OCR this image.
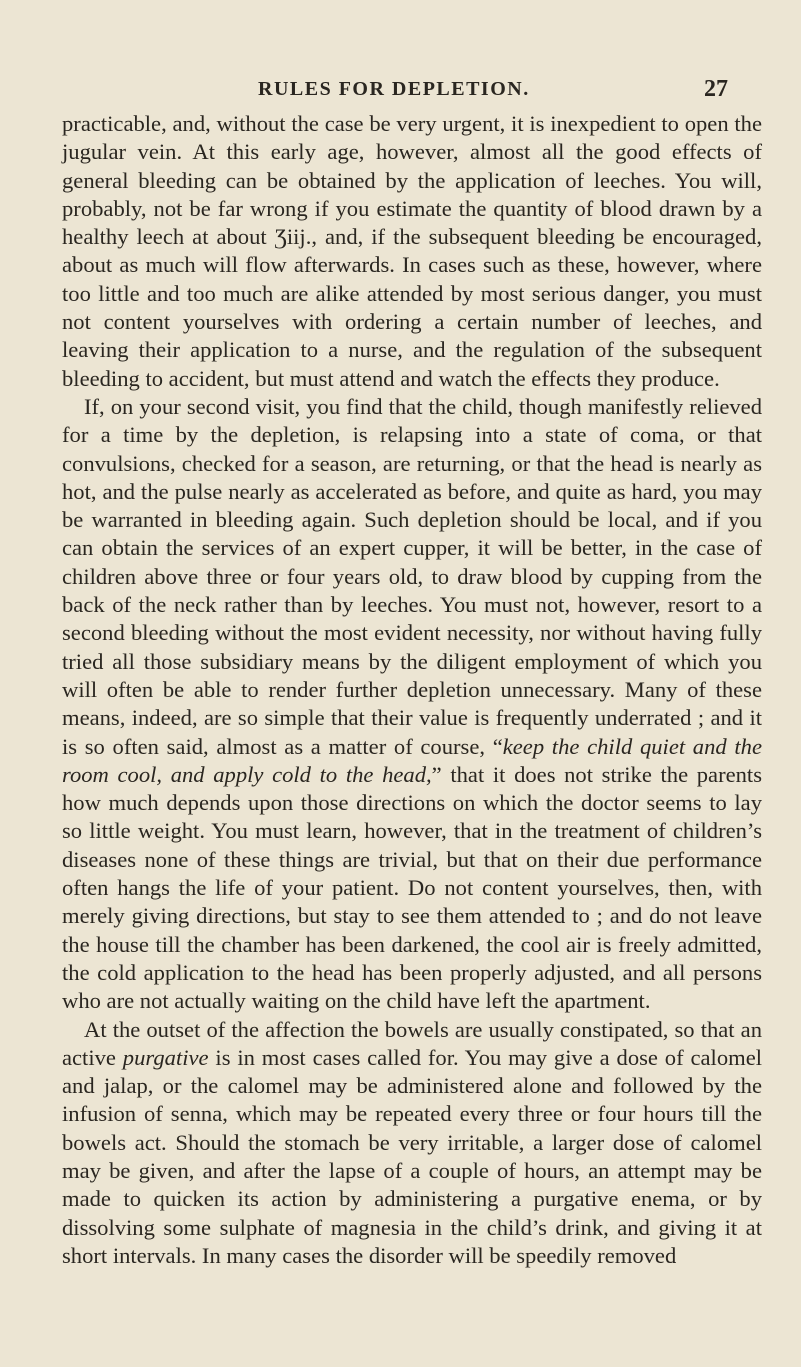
RULES FOR DEPLETION.	27

practicable, and, without the case be very urgent, it is inexpedient to open the jugular vein. At this early age, however, almost all the good effects of general bleeding can be obtained by the application of leeches. You will, probably, not be far wrong if you estimate the quantity of blood drawn by a healthy leech at about Ʒiij., and, if the subsequent bleeding be encouraged, about as much will flow afterwards. In cases such as these, however, where too little and too much are alike attended by most serious danger, you must not content yourselves with ordering a certain number of leeches, and leaving their application to a nurse, and the regulation of the subsequent bleeding to accident, but must attend and watch the effects they produce.

If, on your second visit, you find that the child, though manifestly relieved for a time by the depletion, is relapsing into a state of coma, or that convulsions, checked for a season, are returning, or that the head is nearly as hot, and the pulse nearly as accelerated as before, and quite as hard, you may be warranted in bleeding again. Such depletion should be local, and if you can obtain the services of an expert cupper, it will be better, in the case of children above three or four years old, to draw blood by cupping from the back of the neck rather than by leeches. You must not, however, resort to a second bleeding without the most evident necessity, nor without having fully tried all those subsidiary means by the diligent employment of which you will often be able to render further depletion unnecessary. Many of these means, indeed, are so simple that their value is frequently underrated ; and it is so often said, almost as a matter of course, “keep the child quiet and the room cool, and apply cold to the head,” that it does not strike the parents how much depends upon those directions on which the doctor seems to lay so little weight. You must learn, however, that in the treatment of children’s diseases none of these things are trivial, but that on their due performance often hangs the life of your patient. Do not content yourselves, then, with merely giving directions, but stay to see them attended to ; and do not leave the house till the chamber has been darkened, the cool air is freely admitted, the cold application to the head has been properly adjusted, and all persons who are not actually waiting on the child have left the apartment.

At the outset of the affection the bowels are usually constipated, so that an active purgative is in most cases called for. You may give a dose of calomel and jalap, or the calomel may be administered alone and followed by the infusion of senna, which may be repeated every three or four hours till the bowels act. Should the stomach be very irritable, a larger dose of calomel may be given, and after the lapse of a couple of hours, an attempt may be made to quicken its action by administering a purgative enema, or by dissolving some sulphate of magnesia in the child’s drink, and giving it at short intervals. In many cases the disorder will be speedily removed
